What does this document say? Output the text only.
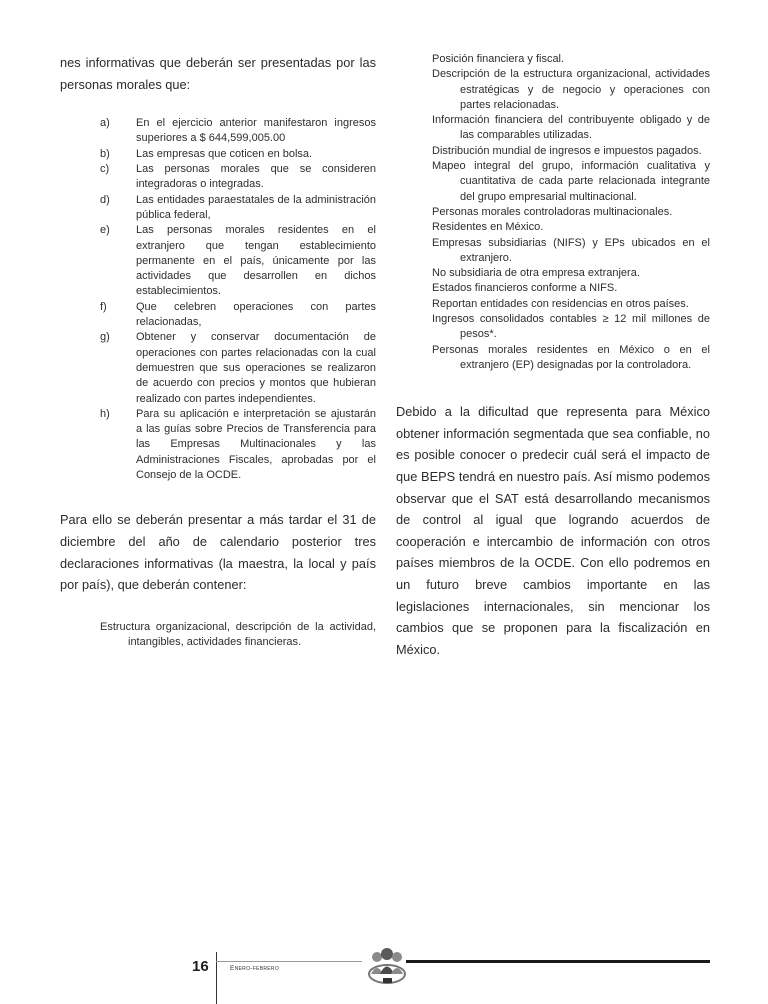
nes informativas que deberán ser presentadas por las personas morales que:

a) En el ejercicio anterior manifestaron ingresos superiores a $ 644,599,005.00
b) Las empresas que coticen en bolsa.
c) Las personas morales que se consideren integradoras o integradas.
d) Las entidades paraestatales de la administración pública federal,
e) Las personas morales residentes en el extranjero que tengan establecimiento permanente en el país, únicamente por las actividades que desarrollen en dichos establecimientos.
f)	Que celebren operaciones con partes relacionadas,
g) Obtener y conservar documentación de operaciones con partes relacionadas con la cual demuestren que sus operaciones se realizaron de acuerdo con precios y montos que hubieran realizado con partes independientes.
h) Para su aplicación e interpretación se ajustarán a las guías sobre Precios de Transferencia para las Empresas Multinacionales y las Administraciones Fiscales, aprobadas por el Consejo de la OCDE.

Para ello se deberán presentar a más tardar el 31 de diciembre del año de calendario posterior tres declaraciones informativas (la maestra, la local y país por país), que deberán contener:

Estructura organizacional, descripción de la actividad, intangibles, actividades financieras.
Posición financiera y fiscal.
Descripción de la estructura organizacional, actividades estratégicas y de negocio y operaciones con partes relacionadas.
Información financiera del contribuyente obligado y de las comparables utilizadas.
Distribución mundial de ingresos e impuestos pagados.
Mapeo integral del grupo, información cualitativa y cuantitativa de cada parte relacionada integrante del grupo empresarial multinacional.
Personas morales controladoras multinacionales.
Residentes en México.
Empresas subsidiarias (NIFS) y EPs ubicados en el extranjero.
No subsidiaria de otra empresa extranjera.
Estados financieros conforme a NIFS.
Reportan entidades con residencias en otros países.
Ingresos consolidados contables ≥ 12 mil millones de pesos*.
Personas morales residentes en México o en el extranjero (EP) designadas por la controladora.

Debido a la dificultad que representa para México obtener información segmentada que sea confiable, no es posible conocer o predecir cuál será el impacto de que BEPS tendrá en nuestro país. Así mismo podemos observar que el SAT está desarrollando mecanismos de control al igual que logrando acuerdos de cooperación e intercambio de información con otros países miembros de la OCDE. Con ello podremos en un futuro breve cambios importante en las legislaciones internacionales, sin mencionar los cambios que se proponen para la fiscalización en México.

16	Enero-febrero
